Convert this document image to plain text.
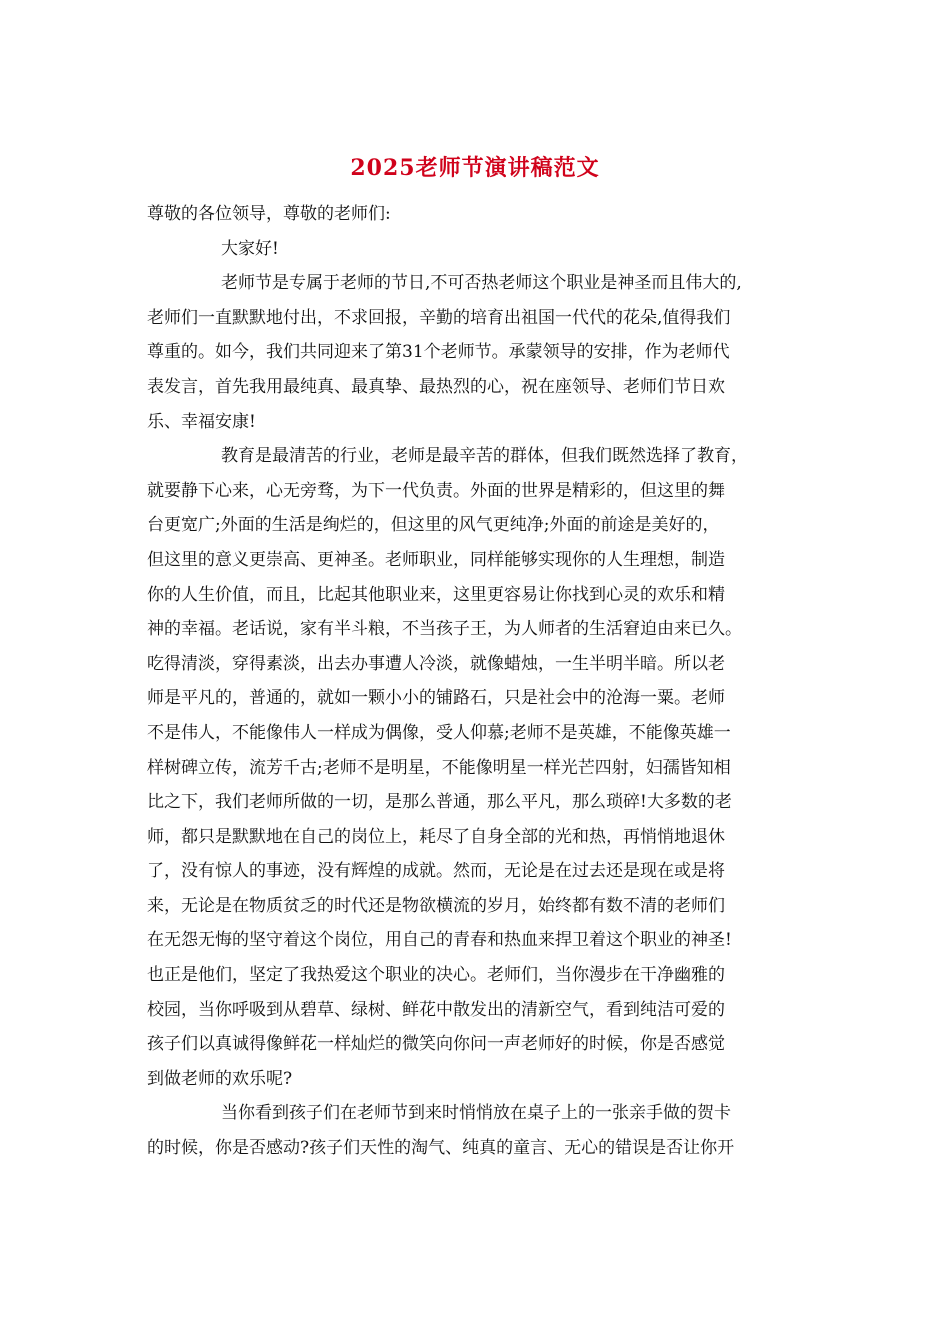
2025老师节演讲稿范文
尊敬的各位领导，尊敬的老师们:
大家好!
老师节是专属于老师的节日,不可否热老师这个职业是神圣而且伟大的,
老师们一直默默地付出，不求回报，辛勤的培育出祖国一代代的花朵,值得我们
尊重的。如今，我们共同迎来了第31个老师节。承蒙领导的安排，作为老师代
表发言，首先我用最纯真、最真挚、最热烈的心，祝在座领导、老师们节日欢
乐、幸福安康!
教育是最清苦的行业，老师是最辛苦的群体，但我们既然选择了教育，
就要静下心来，心无旁骛，为下一代负责。外面的世界是精彩的，但这里的舞
台更宽广;外面的生活是绚烂的，但这里的风气更纯净;外面的前途是美好的，
但这里的意义更崇高、更神圣。老师职业，同样能够实现你的人生理想，制造
你的人生价值，而且，比起其他职业来，这里更容易让你找到心灵的欢乐和精
神的幸福。老话说，家有半斗粮，不当孩子王，为人师者的生活窘迫由来已久。
吃得清淡，穿得素淡，出去办事遭人冷淡，就像蜡烛，一生半明半暗。所以老
师是平凡的，普通的，就如一颗小小的铺路石，只是社会中的沧海一粟。老师
不是伟人，不能像伟人一样成为偶像，受人仰慕;老师不是英雄，不能像英雄一
样树碑立传，流芳千古;老师不是明星，不能像明星一样光芒四射，妇孺皆知相
比之下，我们老师所做的一切，是那么普通，那么平凡，那么琐碎!大多数的老
师，都只是默默地在自己的岗位上，耗尽了自身全部的光和热，再悄悄地退休
了，没有惊人的事迹，没有辉煌的成就。然而，无论是在过去还是现在或是将
来，无论是在物质贫乏的时代还是物欲横流的岁月，始终都有数不清的老师们
在无怨无悔的坚守着这个岗位，用自己的青春和热血来捍卫着这个职业的神圣!
也正是他们，坚定了我热爱这个职业的决心。老师们，当你漫步在干净幽雅的
校园，当你呼吸到从碧草、绿树、鲜花中散发出的清新空气，看到纯洁可爱的
孩子们以真诚得像鲜花一样灿烂的微笑向你问一声老师好的时候，你是否感觉
到做老师的欢乐呢?
当你看到孩子们在老师节到来时悄悄放在桌子上的一张亲手做的贺卡
的时候，你是否感动?孩子们天性的淘气、纯真的童言、无心的错误是否让你开
